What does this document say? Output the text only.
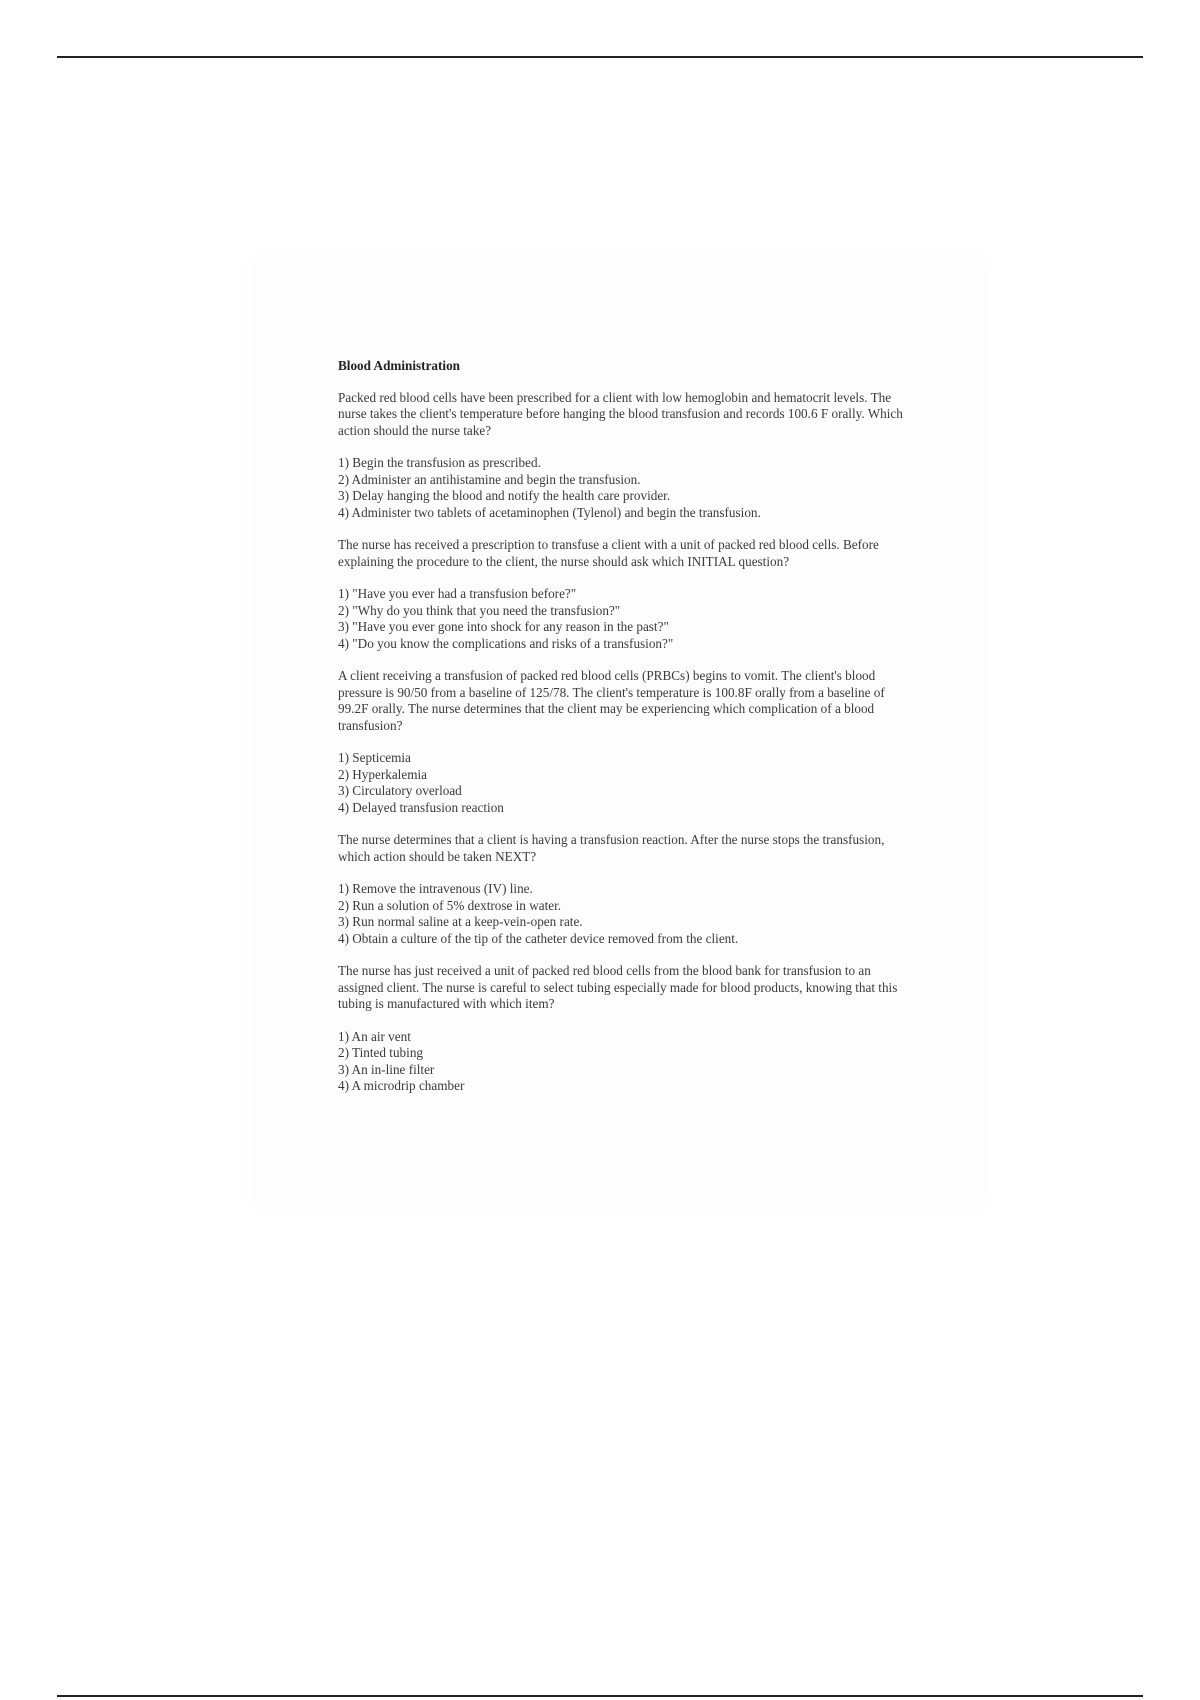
Blood Administration
Packed red blood cells have been prescribed for a client with low hemoglobin and hematocrit levels. The nurse takes the client's temperature before hanging the blood transfusion and records 100.6 F orally. Which action should the nurse take?
1) Begin the transfusion as prescribed.
2) Administer an antihistamine and begin the transfusion.
3) Delay hanging the blood and notify the health care provider.
4) Administer two tablets of acetaminophen (Tylenol) and begin the transfusion.
The nurse has received a prescription to transfuse a client with a unit of packed red blood cells. Before explaining the procedure to the client, the nurse should ask which INITIAL question?
1) "Have you ever had a transfusion before?"
2) "Why do you think that you need the transfusion?"
3) "Have you ever gone into shock for any reason in the past?"
4) "Do you know the complications and risks of a transfusion?"
A client receiving a transfusion of packed red blood cells (PRBCs) begins to vomit. The client's blood pressure is 90/50 from a baseline of 125/78. The client's temperature is 100.8F orally from a baseline of 99.2F orally. The nurse determines that the client may be experiencing which complication of a blood transfusion?
1) Septicemia
2) Hyperkalemia
3) Circulatory overload
4) Delayed transfusion reaction
The nurse determines that a client is having a transfusion reaction. After the nurse stops the transfusion, which action should be taken NEXT?
1) Remove the intravenous (IV) line.
2) Run a solution of 5% dextrose in water.
3) Run normal saline at a keep-vein-open rate.
4) Obtain a culture of the tip of the catheter device removed from the client.
The nurse has just received a unit of packed red blood cells from the blood bank for transfusion to an assigned client. The nurse is careful to select tubing especially made for blood products, knowing that this tubing is manufactured with which item?
1) An air vent
2) Tinted tubing
3) An in-line filter
4) A microdrip chamber
